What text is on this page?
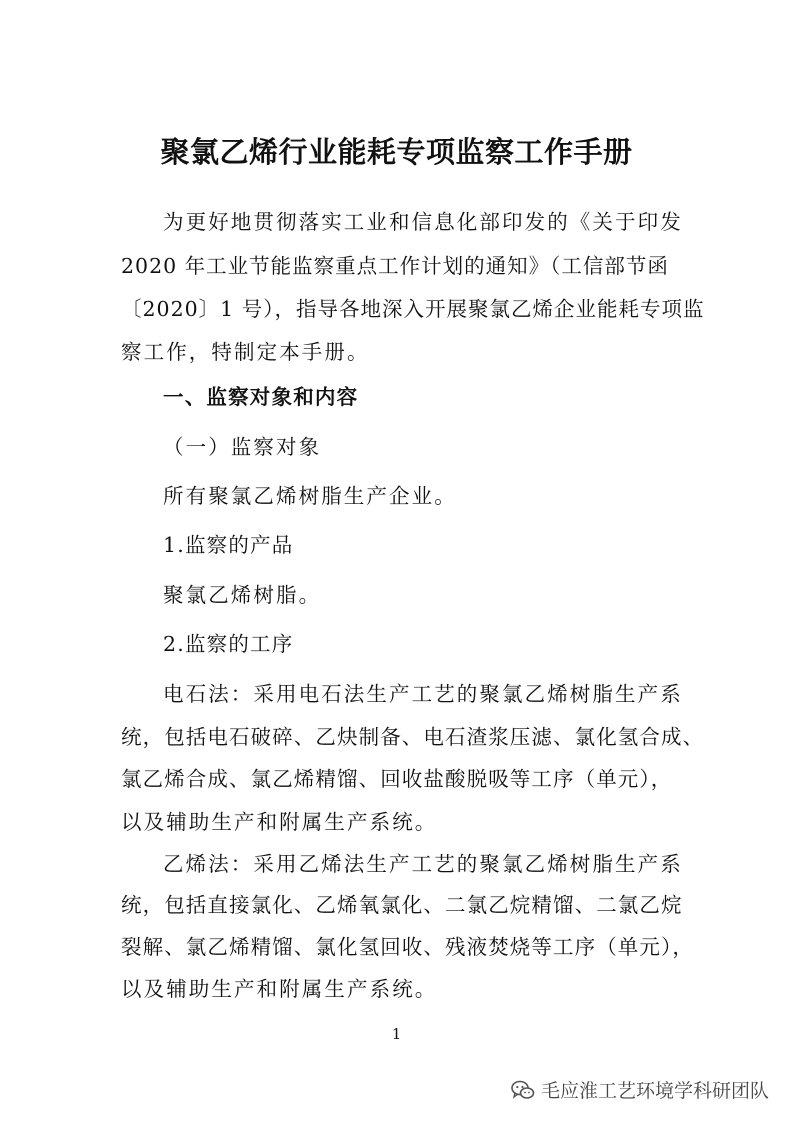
聚氯乙烯行业能耗专项监察工作手册
为更好地贯彻落实工业和信息化部印发的《关于印发
2020 年工业节能监察重点工作计划的通知》（工信部节函
〔2020〕1 号），指导各地深入开展聚氯乙烯企业能耗专项监
察工作，特制定本手册。
一、监察对象和内容
（一）监察对象
所有聚氯乙烯树脂生产企业。
1.监察的产品
聚氯乙烯树脂。
2.监察的工序
电石法：采用电石法生产工艺的聚氯乙烯树脂生产系
统，包括电石破碎、乙炔制备、电石渣浆压滤、氯化氢合成、
氯乙烯合成、氯乙烯精馏、回收盐酸脱吸等工序（单元），
以及辅助生产和附属生产系统。
乙烯法：采用乙烯法生产工艺的聚氯乙烯树脂生产系
统，包括直接氯化、乙烯氧氯化、二氯乙烷精馏、二氯乙烷
裂解、氯乙烯精馏、氯化氢回收、残液焚烧等工序（单元），
以及辅助生产和附属生产系统。
1
毛应淮工艺环境学科研团队
